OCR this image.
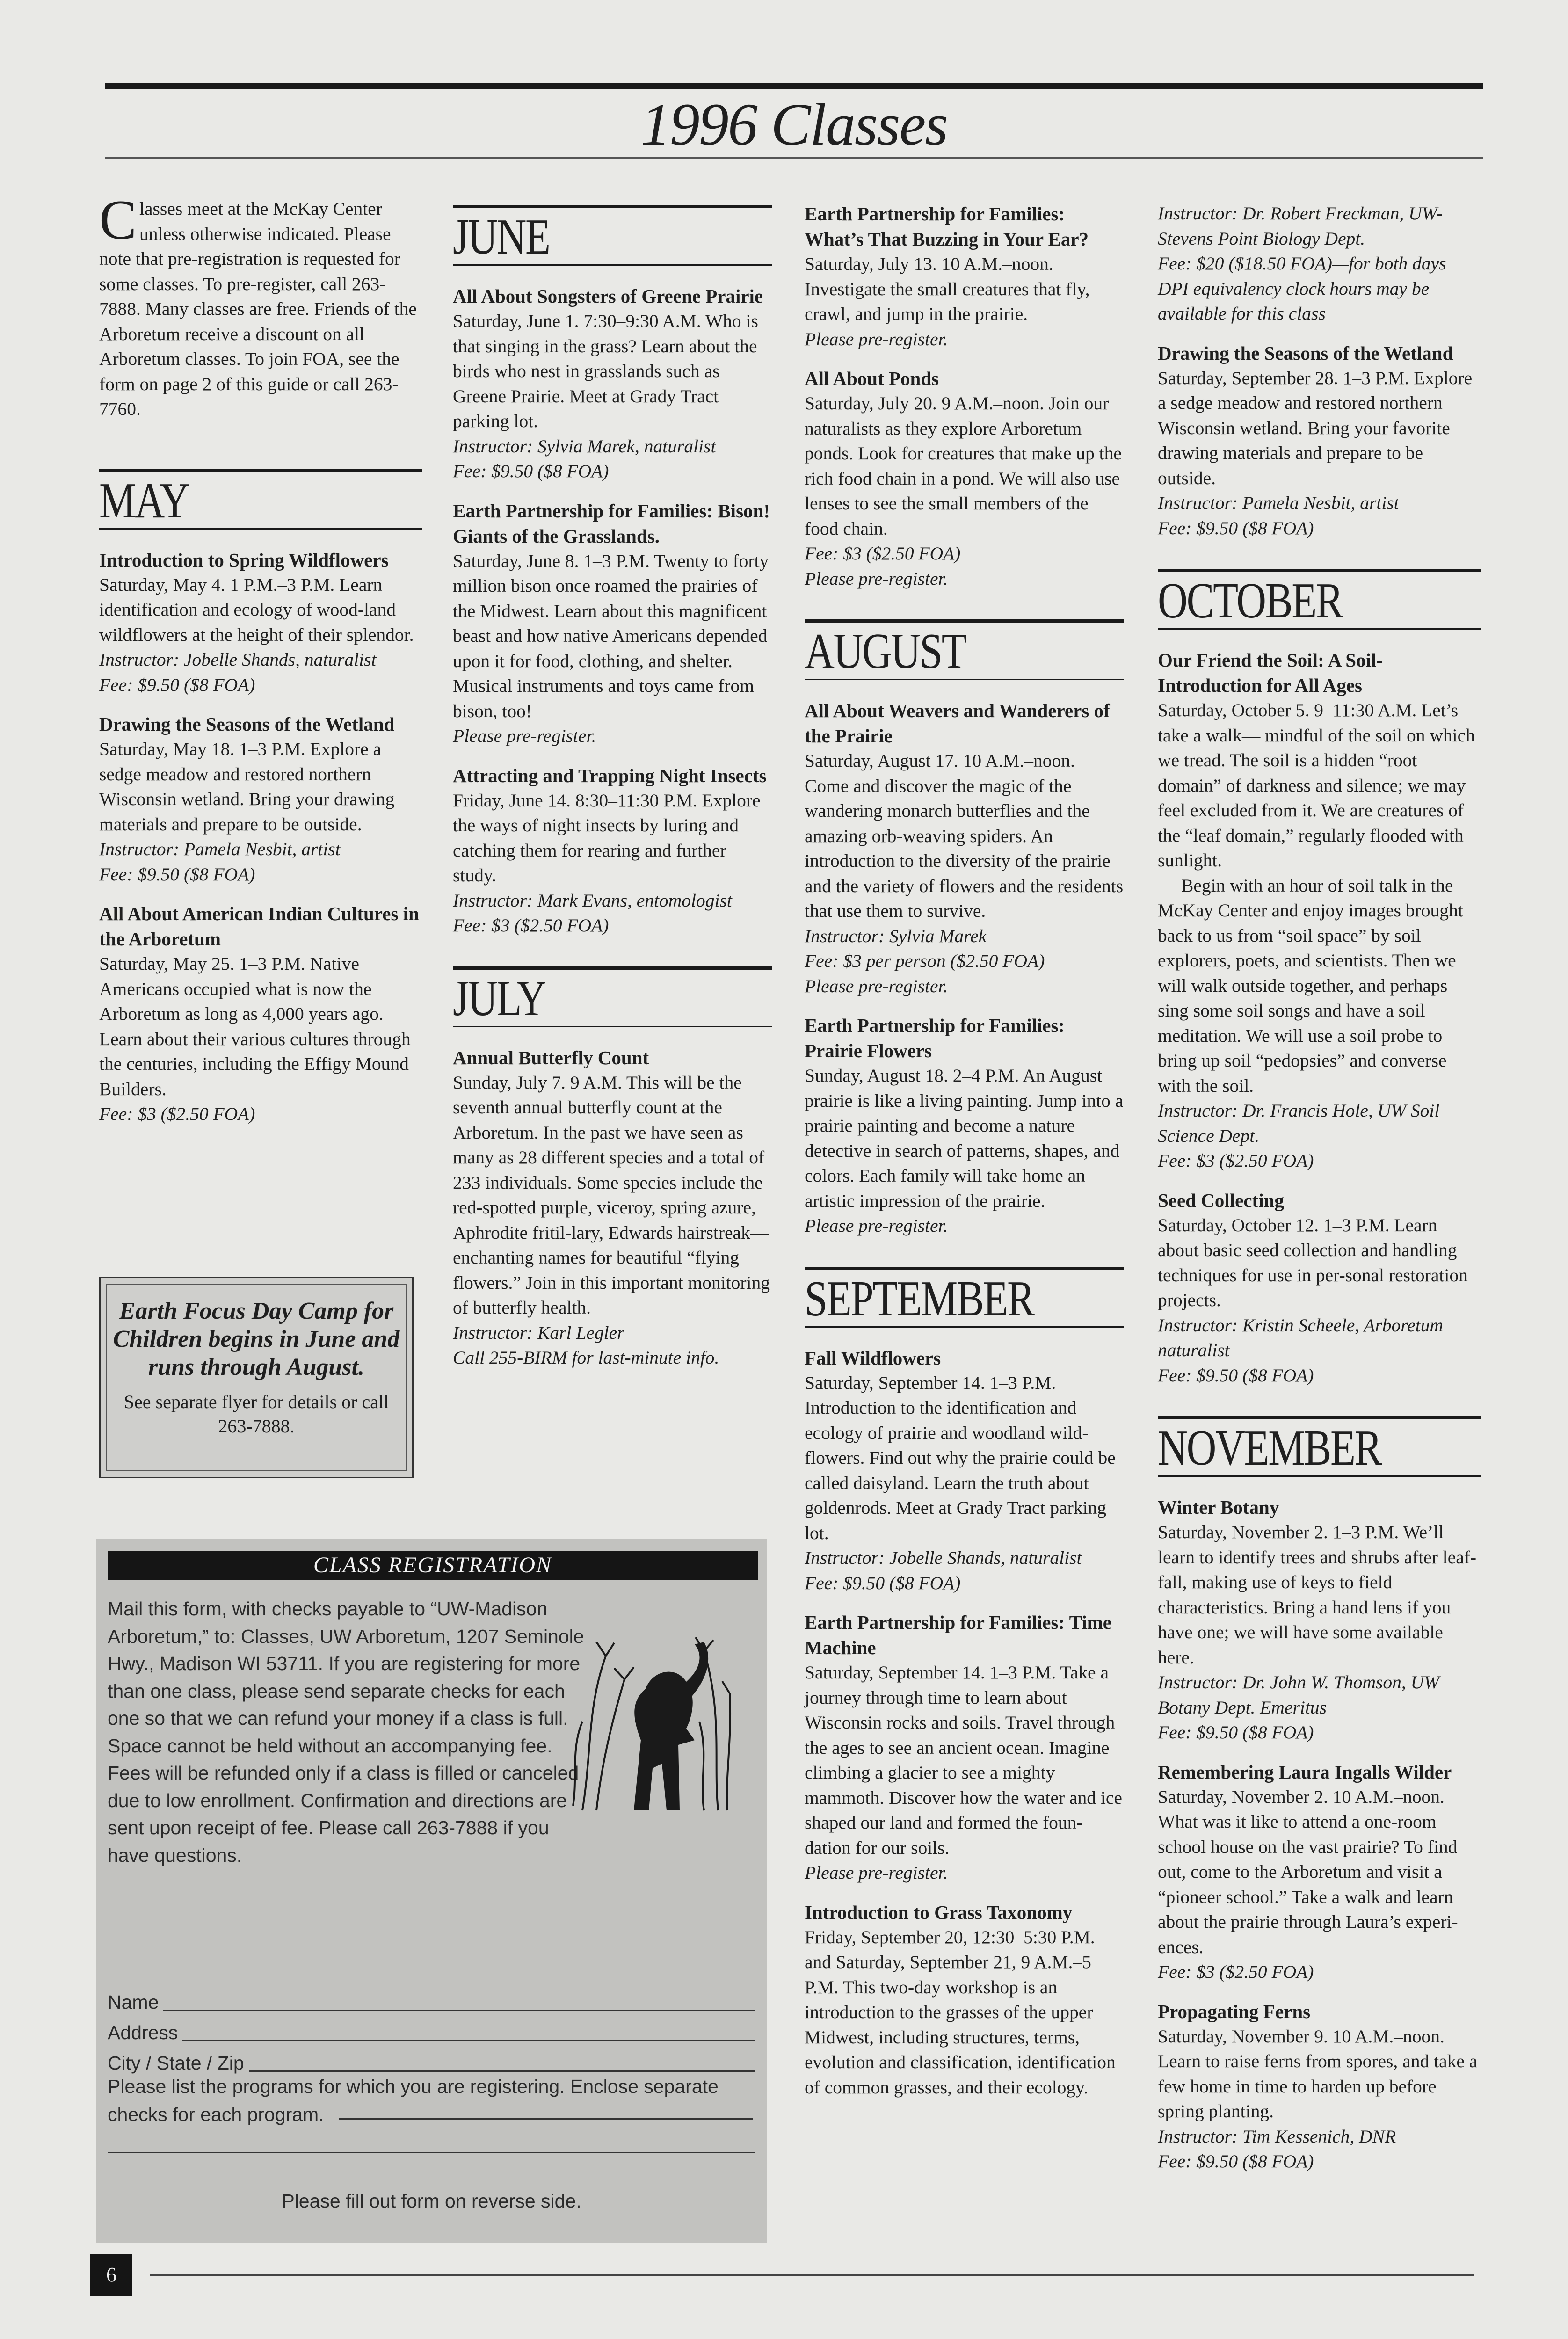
1996 Classes

Classes meet at the McKay Center unless otherwise indicated. Please note that pre-registration is requested for some classes. To pre-register, call 263-7888. Many classes are free. Friends of the Arboretum receive a discount on all Arboretum classes. To join FOA, see the form on page 2 of this guide or call 263-7760.

MAY
Introduction to Spring Wildflowers

Saturday, May 4. 1 P.M.–3 P.M. Learn identification and ecology of wood-land wildflowers at the height of their splendor.

Instructor: Jobelle Shands, naturalist

Fee: $9.50 ($8 FOA)

Drawing the Seasons of the Wetland

Saturday, May 18. 1–3 P.M. Explore a sedge meadow and restored northern Wisconsin wetland. Bring your drawing materials and prepare to be outside.

Instructor: Pamela Nesbit, artist

Fee: $9.50 ($8 FOA)

All About American Indian Cultures in the Arboretum

Saturday, May 25. 1–3 P.M. Native Americans occupied what is now the Arboretum as long as 4,000 years ago. Learn about their various cultures through the centuries, including the Effigy Mound Builders.

Fee: $3 ($2.50 FOA)

Earth Focus Day Camp for Children begins in June and runs through August.

See separate flyer for details or call 263-7888.

JUNE
All About Songsters of Greene Prairie

Saturday, June 1. 7:30–9:30 A.M. Who is that singing in the grass? Learn about the birds who nest in grasslands such as Greene Prairie. Meet at Grady Tract parking lot.

Instructor: Sylvia Marek, naturalist

Fee: $9.50 ($8 FOA)

Earth Partnership for Families: Bison! Giants of the Grasslands.

Saturday, June 8. 1–3 P.M. Twenty to forty million bison once roamed the prairies of the Midwest. Learn about this magnificent beast and how native Americans depended upon it for food, clothing, and shelter. Musical instruments and toys came from bison, too!

Please pre-register.

Attracting and Trapping Night Insects

Friday, June 14. 8:30–11:30 P.M. Explore the ways of night insects by luring and catching them for rearing and further study.

Instructor: Mark Evans, entomologist

Fee: $3 ($2.50 FOA)

JULY
Annual Butterfly Count

Sunday, July 7. 9 A.M. This will be the seventh annual butterfly count at the Arboretum. In the past we have seen as many as 28 different species and a total of 233 individuals. Some species include the red-spotted purple, viceroy, spring azure, Aphrodite fritil-lary, Edwards hairstreak—enchanting names for beautiful “flying flowers.” Join in this important monitoring of butterfly health.

Instructor: Karl Legler

Call 255-BIRM for last-minute info.

Earth Partnership for Families: What’s That Buzzing in Your Ear?

Saturday, July 13. 10 A.M.–noon. Investigate the small creatures that fly, crawl, and jump in the prairie.

Please pre-register.

All About Ponds

Saturday, July 20. 9 A.M.–noon. Join our naturalists as they explore Arboretum ponds. Look for creatures that make up the rich food chain in a pond. We will also use lenses to see the small members of the food chain.

Fee: $3 ($2.50 FOA)

Please pre-register.

AUGUST
All About Weavers and Wanderers of the Prairie

Saturday, August 17. 10 A.M.–noon. Come and discover the magic of the wandering monarch butterflies and the amazing orb-weaving spiders. An introduction to the diversity of the prairie and the variety of flowers and the residents that use them to survive.

Instructor: Sylvia Marek

Fee: $3 per person ($2.50 FOA)

Please pre-register.

Earth Partnership for Families: Prairie Flowers

Sunday, August 18. 2–4 P.M. An August prairie is like a living painting. Jump into a prairie painting and become a nature detective in search of patterns, shapes, and colors. Each family will take home an artistic impression of the prairie.

Please pre-register.

SEPTEMBER
Fall Wildflowers

Saturday, September 14. 1–3 P.M. Introduction to the identification and ecology of prairie and woodland wild-flowers. Find out why the prairie could be called daisyland. Learn the truth about goldenrods. Meet at Grady Tract parking lot.

Instructor: Jobelle Shands, naturalist

Fee: $9.50 ($8 FOA)

Earth Partnership for Families: Time Machine

Saturday, September 14. 1–3 P.M. Take a journey through time to learn about Wisconsin rocks and soils. Travel through the ages to see an ancient ocean. Imagine climbing a glacier to see a mighty mammoth. Discover how the water and ice shaped our land and formed the foun-dation for our soils.

Please pre-register.

Introduction to Grass Taxonomy

Friday, September 20, 12:30–5:30 P.M. and Saturday, September 21, 9 A.M.–5 P.M. This two-day workshop is an introduction to the grasses of the upper Midwest, including structures, terms, evolution and classification, identification of common grasses, and their ecology.

Instructor: Dr. Robert Freckman, UW-Stevens Point Biology Dept.

Fee: $20 ($18.50 FOA)—for both days DPI equivalency clock hours may be available for this class

Drawing the Seasons of the Wetland

Saturday, September 28. 1–3 P.M. Explore a sedge meadow and restored northern Wisconsin wetland. Bring your favorite drawing materials and prepare to be outside.

Instructor: Pamela Nesbit, artist

Fee: $9.50 ($8 FOA)

OCTOBER
Our Friend the Soil: A Soil-Introduction for All Ages

Saturday, October 5. 9–11:30 A.M. Let’s take a walk— mindful of the soil on which we tread. The soil is a hidden “root domain” of darkness and silence; we may feel excluded from it. We are creatures of the “leaf domain,” regularly flooded with sunlight.

Begin with an hour of soil talk in the McKay Center and enjoy images brought back to us from “soil space” by soil explorers, poets, and scientists. Then we will walk outside together, and perhaps sing some soil songs and have a soil meditation. We will use a soil probe to bring up soil “pedopsies” and converse with the soil.

Instructor: Dr. Francis Hole, UW Soil Science Dept.

Fee: $3 ($2.50 FOA)

Seed Collecting

Saturday, October 12. 1–3 P.M. Learn about basic seed collection and handling techniques for use in per-sonal restoration projects.

Instructor: Kristin Scheele, Arboretum naturalist

Fee: $9.50 ($8 FOA)

NOVEMBER
Winter Botany

Saturday, November 2. 1–3 P.M. We’ll learn to identify trees and shrubs after leaf-fall, making use of keys to field characteristics. Bring a hand lens if you have one; we will have some available here.

Instructor: Dr. John W. Thomson, UW Botany Dept. Emeritus

Fee: $9.50 ($8 FOA)

Remembering Laura Ingalls Wilder

Saturday, November 2. 10 A.M.–noon. What was it like to attend a one-room school house on the vast prairie? To find out, come to the Arboretum and visit a “pioneer school.” Take a walk and learn about the prairie through Laura’s experi-ences.

Fee: $3 ($2.50 FOA)

Propagating Ferns

Saturday, November 9. 10 A.M.–noon. Learn to raise ferns from spores, and take a few home in time to harden up before spring planting.

Instructor: Tim Kessenich, DNR

Fee: $9.50 ($8 FOA)

CLASS REGISTRATION

Mail this form, with checks payable to “UW-Madison Arboretum,” to: Classes, UW Arboretum, 1207 Seminole Hwy., Madison WI 53711. If you are registering for more than one class, please send separate checks for each one so that we can refund your money if a class is full. Space cannot be held without an accompanying fee. Fees will be refunded only if a class is filled or canceled due to low enrollment. Confirmation and directions are sent upon receipt of fee. Please call 263-7888 if you have questions.

Name
Address
City / State / Zip

Please list the programs for which you are registering. Enclose separate checks for each program.

Please fill out form on reverse side.

6
